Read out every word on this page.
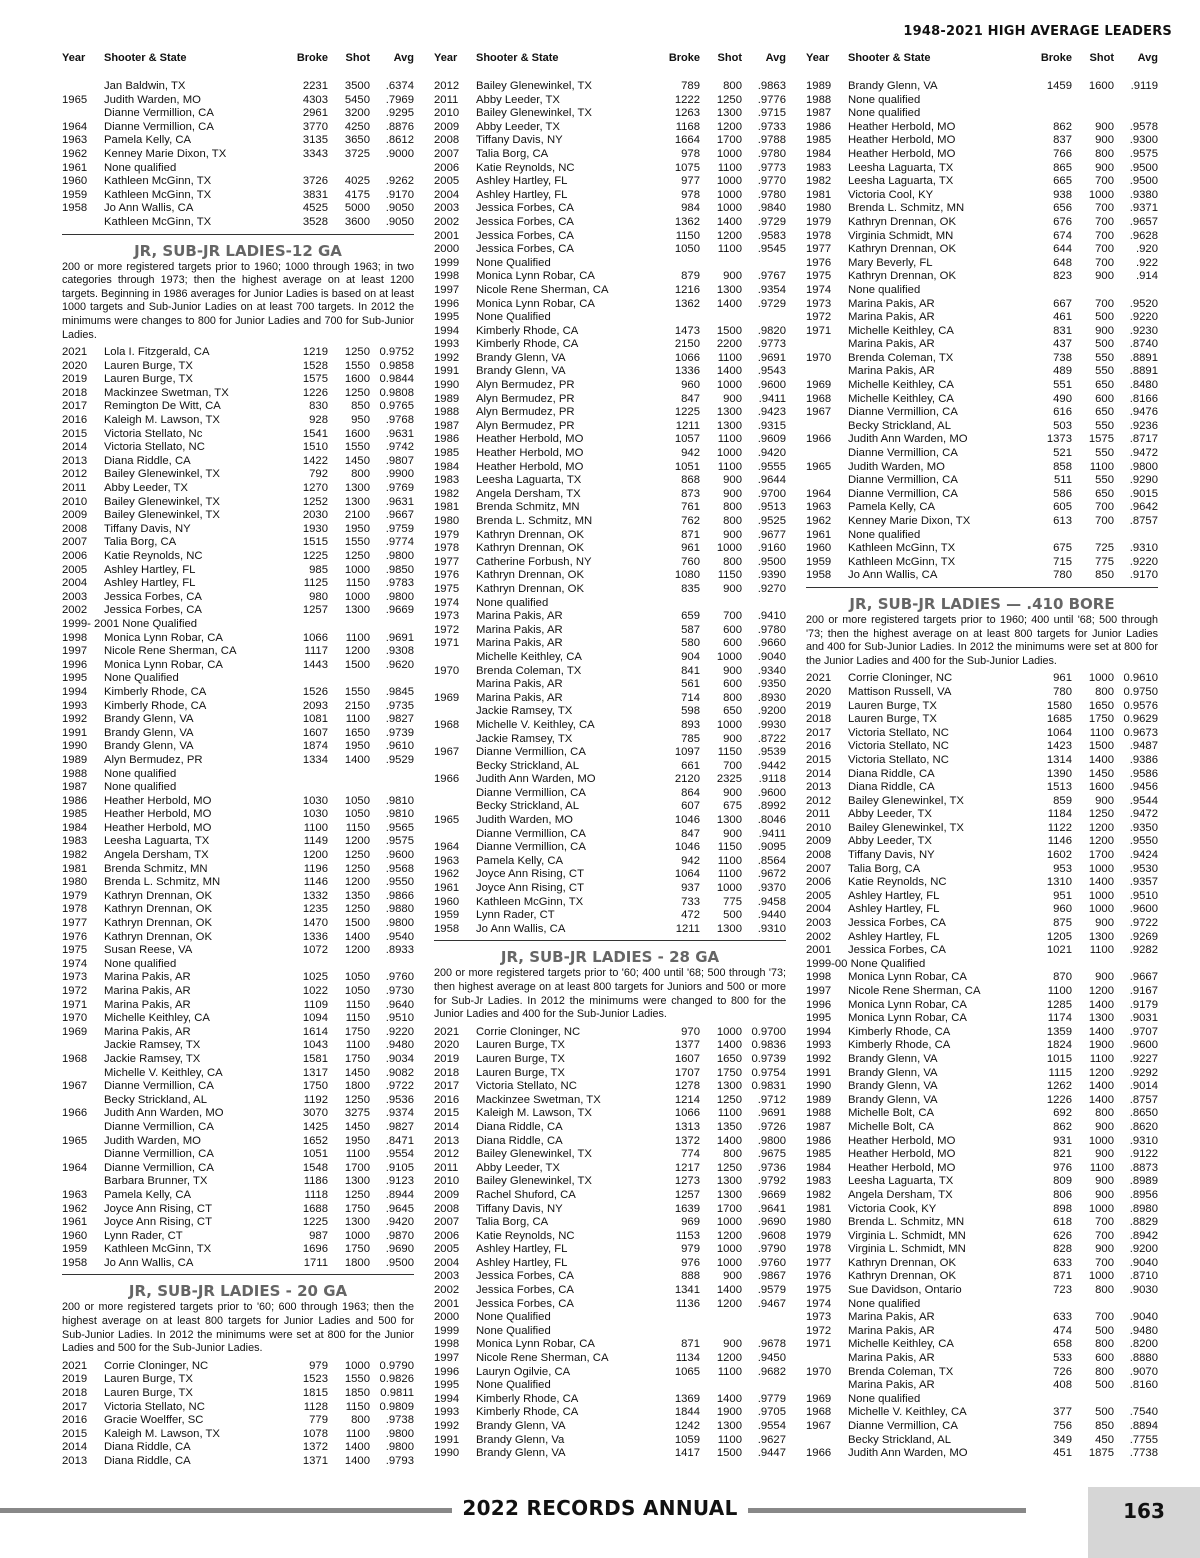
1948-2021 HIGH AVERAGE LEADERS
Year	Shooter & State	Broke	Shot	Avg
Jan Baldwin, TX	2231	3500	.6374
1965	Judith Warden, MO	4303	5450	.7969
Dianne Vermillion, CA	2961	3200	.9295
1964	Dianne Vermillion, CA	3770	4250	.8876
1963	Pamela Kelly, CA	3135	3650	.8612
1962	Kenney Marie Dixon, TX	3343	3725	.9000
1961	None qualified
1960	Kathleen McGinn, TX	3726	4025	.9262
1959	Kathleen McGinn, TX	3831	4175	.9170
1958	Jo Ann Wallis, CA	4525	5000	.9050
Kathleen McGinn, TX	3528	3600	.9050
JR, SUB-JR LADIES-12 GA
200 or more registered targets prior to 1960; 1000 through 1963; in two categories through 1973; then the highest average on at least 1200 targets. Beginning in 1986 averages for Junior Ladies is based on at least 1000 targets and Sub-Junior Ladies on at least 700 targets. In 2012 the minimums were changes to 800 for Junior Ladies and 700 for Sub-Junior Ladies.
2021	Lola I. Fitzgerald, CA	1219	1250 0.9752
2020	Lauren Burge, TX	1528	1550 0.9858
2019	Lauren Burge, TX	1575	1600 0.9844
2018	Mackinzee Swetman, TX	1226	1250 0.9808
2017	Remington De Witt, CA	830	850 0.9765
2016	Kaleigh M. Lawson, TX	928	950	.9768
2015	Victoria Stellato, Nc	1541	1600	.9631
2014	Victoria Stellato, NC	1510	1550	.9742
2013	Diana Riddle, CA	1422	1450	.9807
2012	Bailey Glenewinkel, TX	792	800	.9900
2011	Abby Leeder, TX	1270	1300	.9769
2010	Bailey Glenewinkel, TX	1252	1300	.9631
2009	Bailey Glenewinkel, TX	2030	2100	.9667
2008	Tiffany Davis, NY	1930	1950	.9759
2007	Talia Borg, CA	1515	1550	.9774
2006	Katie Reynolds, NC	1225	1250	.9800
2005	Ashley Hartley, FL	985	1000	.9850
2004	Ashley Hartley, FL	1125	1150	.9783
2003	Jessica Forbes, CA	980	1000	.9800
2002	Jessica Forbes, CA	1257	1300	.9669
1999- 2001 None Qualified
1998	Monica Lynn Robar, CA	1066	1100	.9691
1997	Nicole Rene Sherman, CA	1117	1200	.9308
1996	Monica Lynn Robar, CA	1443	1500	.9620
1995	None Qualified
1994	Kimberly Rhode, CA	1526	1550	.9845
1993	Kimberly Rhode, CA	2093	2150	.9735
1992	Brandy Glenn, VA	1081	1100	.9827
1991	Brandy Glenn, VA	1607	1650	.9739
1990	Brandy Glenn, VA	1874	1950	.9610
1989	Alyn Bermudez, PR	1334	1400	.9529
1988	None qualified
1987	None qualified
1986	Heather Herbold, MO	1030	1050	.9810
1985	Heather Herbold, MO	1030	1050	.9810
1984	Heather Herbold, MO	1100	1150	.9565
1983	Leesha Laguarta, TX	1149	1200	.9575
1982	Angela Dersham, TX	1200	1250	.9600
1981	Brenda Schmitz, MN	1196	1250	.9568
1980	Brenda L. Schmitz, MN	1146	1200	.9550
1979	Kathryn Drennan, OK	1332	1350	.9866
1978	Kathryn Drennan, OK	1235	1250	.9880
1977	Kathryn Drennan, OK	1470	1500	.9800
1976	Kathryn Drennan, OK	1336	1400	.9540
1975	Susan Reese, VA	1072	1200	.8933
1974	None qualified
1973	Marina Pakis, AR	1025	1050	.9760
1972	Marina Pakis, AR	1022	1050	.9730
1971	Marina Pakis, AR	1109	1150	.9640
1970	Michelle Keithley, CA	1094	1150	.9510
1969	Marina Pakis, AR	1614	1750	.9220
Jackie Ramsey, TX	1043	1100	.9480
1968	Jackie Ramsey, TX	1581	1750	.9034
Michelle V. Keithley, CA	1317	1450	.9082
1967	Dianne Vermillion, CA	1750	1800	.9722
Becky Strickland, AL	1192	1250	.9536
1966	Judith Ann Warden, MO	3070	3275	.9374
Dianne Vermillion, CA	1425	1450	.9827
1965	Judith Warden, MO	1652	1950	.8471
Dianne Vermillion, CA	1051	1100	.9554
1964	Dianne Vermillion, CA	1548	1700	.9105
Barbara Brunner, TX	1186	1300	.9123
1963	Pamela Kelly, CA	1118	1250	.8944
1962	Joyce Ann Rising, CT	1688	1750	.9645
1961	Joyce Ann Rising, CT	1225	1300	.9420
1960	Lynn Rader, CT	987	1000	.9870
1959	Kathleen McGinn, TX	1696	1750	.9690
1958	Jo Ann Wallis, CA	1711	1800	.9500
JR, SUB-JR LADIES - 20 GA
200 or more registered targets prior to '60; 600 through 1963; then the highest average on at least 800 targets for Junior Ladies and 500 for Sub-Junior Ladies. In 2012 the minimums were set at 800 for the Junior Ladies and 500 for the Sub-Junior Ladies.
2021	Corrie Cloninger, NC	979	1000 0.9790
2019	Lauren Burge, TX	1523	1550 0.9826
2018	Lauren Burge, TX	1815	1850 0.9811
2017	Victoria Stellato, NC	1128	1150 0.9809
2016	Gracie Woelffer, SC	779	800	.9738
2015	Kaleigh M. Lawson, TX	1078	1100	.9800
2014	Diana Riddle, CA	1372	1400	.9800
2013	Diana Riddle, CA	1371	1400	.9793
Year	Shooter & State	Broke	Shot	Avg
2012	Bailey Glenewinkel, TX	789	800	.9863
2011	Abby Leeder, TX	1222	1250	.9776
2010	Bailey Glenewinkel, TX	1263	1300	.9715
2009	Abby Leeder, TX	1168	1200	.9733
2008	Tiffany Davis, NY	1664	1700	.9788
2007	Talia Borg, CA	978	1000	.9780
2006	Katie Reynolds, NC	1075	1100	.9773
2005	Ashley Hartley, FL	977	1000	.9770
2004	Ashley Hartley, FL	978	1000	.9780
2003	Jessica Forbes, CA	984	1000	.9840
2002	Jessica Forbes, CA	1362	1400	.9729
2001	Jessica Forbes, CA	1150	1200	.9583
2000	Jessica Forbes, CA	1050	1100	.9545
1999	None Qualified
1998	Monica Lynn Robar, CA	879	900	.9767
1997	Nicole Rene Sherman, CA	1216	1300	.9354
1996	Monica Lynn Robar, CA	1362	1400	.9729
1995	None Qualified
1994	Kimberly Rhode, CA	1473	1500	.9820
1993	Kimberly Rhode, CA	2150	2200	.9773
1992	Brandy Glenn, VA	1066	1100	.9691
1991	Brandy Glenn, VA	1336	1400	.9543
1990	Alyn Bermudez, PR	960	1000	.9600
1989	Alyn Bermudez, PR	847	900	.9411
1988	Alyn Bermudez, PR	1225	1300	.9423
1987	Alyn Bermudez, PR	1211	1300	.9315
1986	Heather Herbold, MO	1057	1100	.9609
1985	Heather Herbold, MO	942	1000	.9420
1984	Heather Herbold, MO	1051	1100	.9555
1983	Leesha Laguarta, TX	868	900	.9644
1982	Angela Dersham, TX	873	900	.9700
1981	Brenda Schmitz, MN	761	800	.9513
1980	Brenda L. Schmitz, MN	762	800	.9525
1979	Kathryn Drennan, OK	871	900	.9677
1978	Kathryn Drennan, OK	961	1000	.9160
1977	Catherine Forbush, NY	760	800	.9500
1976	Kathryn Drennan, OK	1080	1150	.9390
1975	Kathryn Drennan, OK	835	900	.9270
1974	None qualified
1973	Marina Pakis, AR	659	700	.9410
1972	Marina Pakis, AR	587	600	.9780
1971	Marina Pakis, AR	580	600	.9660
Michelle Keithley, CA	904	1000	.9040
1970	Brenda Coleman, TX	841	900	.9340
Marina Pakis, AR	561	600	.9350
1969	Marina Pakis, AR	714	800	.8930
Jackie Ramsey, TX	598	650	.9200
1968	Michelle V. Keithley, CA	893	1000	.9930
Jackie Ramsey, TX	785	900	.8722
1967	Dianne Vermillion, CA	1097	1150	.9539
Becky Strickland, AL	661	700	.9442
1966	Judith Ann Warden, MO	2120	2325	.9118
Dianne Vermillion, CA	864	900	.9600
Becky Strickland, AL	607	675	.8992
1965	Judith Warden, MO	1046	1300	.8046
Dianne Vermillion, CA	847	900	.9411
1964	Dianne Vermillion, CA	1046	1150	.9095
1963	Pamela Kelly, CA	942	1100	.8564
1962	Joyce Ann Rising, CT	1064	1100	.9672
1961	Joyce Ann Rising, CT	937	1000	.9370
1960	Kathleen McGinn, TX	733	775	.9458
1959	Lynn Rader, CT	472	500	.9440
1958	Jo Ann Wallis, CA	1211	1300	.9310
JR, SUB-JR LADIES - 28 GA
200 or more registered targets prior to '60; 400 until '68; 500 through '73; then highest average on at least 800 targets for Juniors and 500 or more for Sub-Jr Ladies. In 2012 the minimums were changed to 800 for the Junior Ladies and 400 for the Sub-Junior Ladies.
2021	Corrie Cloninger, NC	970	1000 0.9700
2020	Lauren Burge, TX	1377	1400 0.9836
2019	Lauren Burge, TX	1607	1650 0.9739
2018	Lauren Burge, TX	1707	1750 0.9754
2017	Victoria Stellato, NC	1278	1300 0.9831
2016	Mackinzee Swetman, TX	1214	1250	.9712
2015	Kaleigh M. Lawson, TX	1066	1100	.9691
2014	Diana Riddle, CA	1313	1350	.9726
2013	Diana Riddle, CA	1372	1400	.9800
2012	Bailey Glenewinkel, TX	774	800	.9675
2011	Abby Leeder, TX	1217	1250	.9736
2010	Bailey Glenewinkel, TX	1273	1300	.9792
2009	Rachel Shuford, CA	1257	1300	.9669
2008	Tiffany Davis, NY	1639	1700	.9641
2007	Talia Borg, CA	969	1000	.9690
2006	Katie Reynolds, NC	1153	1200	.9608
2005	Ashley Hartley, FL	979	1000	.9790
2004	Ashley Hartley, FL	976	1000	.9760
2003	Jessica Forbes, CA	888	900	.9867
2002	Jessica Forbes, CA	1341	1400	.9579
2001	Jessica Forbes, CA	1136	1200	.9467
2000	None Qualified
1999	None Qualified
1998	Monica Lynn Robar, CA	871	900	.9678
1997	Nicole Rene Sherman, CA	1134	1200	.9450
1996	Lauryn Ogilvie, CA	1065	1100	.9682
1995	None Qualified
1994	Kimberly Rhode, CA	1369	1400	.9779
1993	Kimberly Rhode, CA	1844	1900	.9705
1992	Brandy Glenn, VA	1242	1300	.9554
1991	Brandy Glenn, Va	1059	1100	.9627
1990	Brandy Glenn, VA	1417	1500	.9447
Year	Shooter & State	Broke	Shot	Avg
1989	Brandy Glenn, VA	1459	1600	.9119
1988	None qualified
1987	None qualified
1986	Heather Herbold, MO	862	900	.9578
1985	Heather Herbold, MO	837	900	.9300
1984	Heather Herbold, MO	766	800	.9575
1983	Leesha Laguarta, TX	865	900	.9500
1982	Leesha Laguarta, TX	665	700	.9500
1981	Victoria Cool, KY	938	1000	.9380
1980	Brenda L. Schmitz, MN	656	700	.9371
1979	Kathryn Drennan, OK	676	700	.9657
1978	Virginia Schmidt, MN	674	700	.9628
1977	Kathryn Drennan, OK	644	700	.920
1976	Mary Beverly, FL	648	700	.922
1975	Kathryn Drennan, OK	823	900	.914
1974	None qualified
1973	Marina Pakis, AR	667	700	.9520
1972	Marina Pakis, AR	461	500	.9220
1971	Michelle Keithley, CA	831	900	.9230
Marina Pakis, AR	437	500	.8740
1970	Brenda Coleman, TX	738	550	.8891
Marina Pakis, AR	489	550	.8891
1969	Michelle Keithley, CA	551	650	.8480
1968	Michelle Keithley, CA	490	600	.8166
1967	Dianne Vermillion, CA	616	650	.9476
Becky Strickland, AL	503	550	.9236
1966	Judith Ann Warden, MO	1373	1575	.8717
Dianne Vermillion, CA	521	550	.9472
1965	Judith Warden, MO	858	1100	.9800
Dianne Vermillion, CA	511	550	.9290
1964	Dianne Vermillion, CA	586	650	.9015
1963	Pamela Kelly, CA	605	700	.9642
1962	Kenney Marie Dixon, TX	613	700	.8757
1961	None qualified
1960	Kathleen McGinn, TX	675	725	.9310
1959	Kathleen McGinn, TX	715	775	.9220
1958	Jo Ann Wallis, CA	780	850	.9170
JR, SUB-JR LADIES — .410 BORE
200 or more registered targets prior to 1960; 400 until '68; 500 through '73; then the highest average on at least 800 targets for Junior Ladies and 400 for Sub-Junior Ladies. In 2012 the minimums were set at 800 for the Junior Ladies and 400 for the Sub-Junior Ladies.
2021	Corrie Cloninger, NC	961	1000 0.9610
2020	Mattison Russell, VA	780	800 0.9750
2019	Lauren Burge, TX	1580	1650 0.9576
2018	Lauren Burge, TX	1685	1750 0.9629
2017	Victoria Stellato, NC	1064	1100 0.9673
2016	Victoria Stellato, NC	1423	1500	.9487
2015	Victoria Stellato, NC	1314	1400	.9386
2014	Diana Riddle, CA	1390	1450	.9586
2013	Diana Riddle, CA	1513	1600	.9456
2012	Bailey Glenewinkel, TX	859	900	.9544
2011	Abby Leeder, TX	1184	1250	.9472
2010	Bailey Glenewinkel, TX	1122	1200	.9350
2009	Abby Leeder, TX	1146	1200	.9550
2008	Tiffany Davis, NY	1602	1700	.9424
2007	Talia Borg, CA	953	1000	.9530
2006	Katie Reynolds, NC	1310	1400	.9357
2005	Ashley Hartley, FL	951	1000	.9510
2004	Ashley Hartley, FL	960	1000	.9600
2003	Jessica Forbes, CA	875	900	.9722
2002	Ashley Hartley, FL	1205	1300	.9269
2001	Jessica Forbes, CA	1021	1100	.9282
1999-00 None Qualified
1998	Monica Lynn Robar, CA	870	900	.9667
1997	Nicole Rene Sherman, CA	1100	1200	.9167
1996	Monica Lynn Robar, CA	1285	1400	.9179
1995	Monica Lynn Robar, CA	1174	1300	.9031
1994	Kimberly Rhode, CA	1359	1400	.9707
1993	Kimberly Rhode, CA	1824	1900	.9600
1992	Brandy Glenn, VA	1015	1100	.9227
1991	Brandy Glenn, VA	1115	1200	.9292
1990	Brandy Glenn, VA	1262	1400	.9014
1989	Brandy Glenn, VA	1226	1400	.8757
1988	Michelle Bolt, CA	692	800	.8650
1987	Michelle Bolt, CA	862	900	.8620
1986	Heather Herbold, MO	931	1000	.9310
1985	Heather Herbold, MO	821	900	.9122
1984	Heather Herbold, MO	976	1100	.8873
1983	Leesha Laguarta, TX	809	900	.8989
1982	Angela Dersham, TX	806	900	.8956
1981	Victoria Cook, KY	898	1000	.8980
1980	Brenda L. Schmitz, MN	618	700	.8829
1979	Virginia L. Schmidt, MN	626	700	.8942
1978	Virginia L. Schmidt, MN	828	900	.9200
1977	Kathryn Drennan, OK	633	700	.9040
1976	Kathryn Drennan, OK	871	1000	.8710
1975	Sue Davidson, Ontario	723	800	.9030
1974	None qualified
1973	Marina Pakis, AR	633	700	.9040
1972	Marina Pakis, AR	474	500	.9480
1971	Michelle Keithley, CA	658	800	.8200
Marina Pakis, AR	533	600	.8880
1970	Brenda Coleman, TX	726	800	.9070
Marina Pakis, AR	408	500	.8160
1969	None qualified
1968	Michelle V. Keithley, CA	377	500	.7540
1967	Dianne Vermillion, CA	756	850	.8894
Becky Strickland, AL	349	450	.7755
1966	Judith Ann Warden, MO	451	1875	.7738
2022 RECORDS ANNUAL	163
